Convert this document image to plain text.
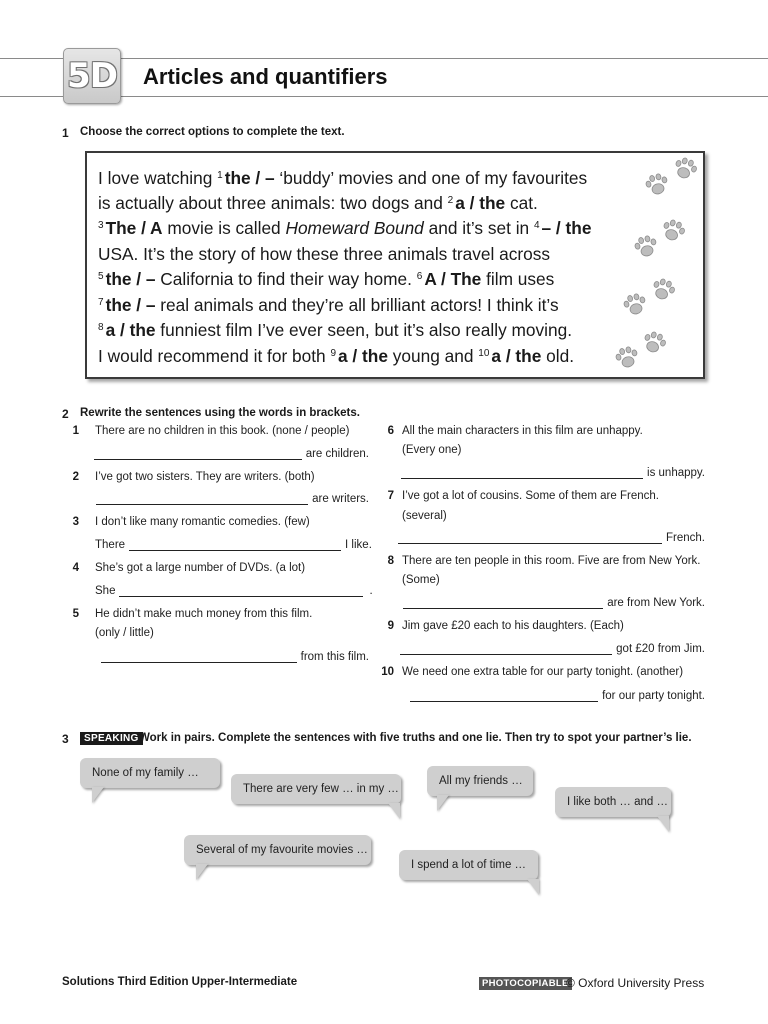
5D Articles and quantifiers
1 Choose the correct options to complete the text.
I love watching $^1$ the / – ‘buddy’ movies and one of my favourites
is actually about three animals: two dogs and $^2$ a / the cat.
$^3$ The / A movie is called Homeward Bound and it’s set in $^4$ – / the
USA. It’s the story of how these three animals travel across
$^5$ the / – California to find their way home. $^6$ A / The film uses
$^7$ the / – real animals and they’re all brilliant actors! I think it’s
$^8$ a / the funniest film I’ve ever seen, but it’s also really moving.
I would recommend it for both $^9$ a / the young and $^{10}$ a / the old.
2 Rewrite the sentences using the words in brackets.
1 There are no children in this book. (none / people)
are children.
2 I’ve got two sisters. They are writers. (both)
are writers.
3 I don’t like many romantic comedies. (few)
There	I like.
4 She’s got a large number of DVDs. (a lot)
She	.
5 He didn’t make much money from this film.
(only / little)
from this film.
6 All the main characters in this film are unhappy.
(Every one)
is unhappy.
7 I’ve got a lot of cousins. Some of them are French.
(several)
French.
8 There are ten people in this room. Five are from New York.
(Some)
are from New York.
9 Jim gave £20 each to his daughters. (Each)
got £20 from Jim.
10 We need one extra table for our party tonight. (another)
for our party tonight.
3	SPEAKING Work in pairs. Complete the sentences with five truths and one lie. Then try to spot your partner’s lie.
None of my family …
There are very few … in my …
All my friends …
I like both … and …
Several of my favourite movies …
I spend a lot of time …
Solutions Third Edition Upper-Intermediate	PHOTOCOPIABLE
© Oxford University Press
